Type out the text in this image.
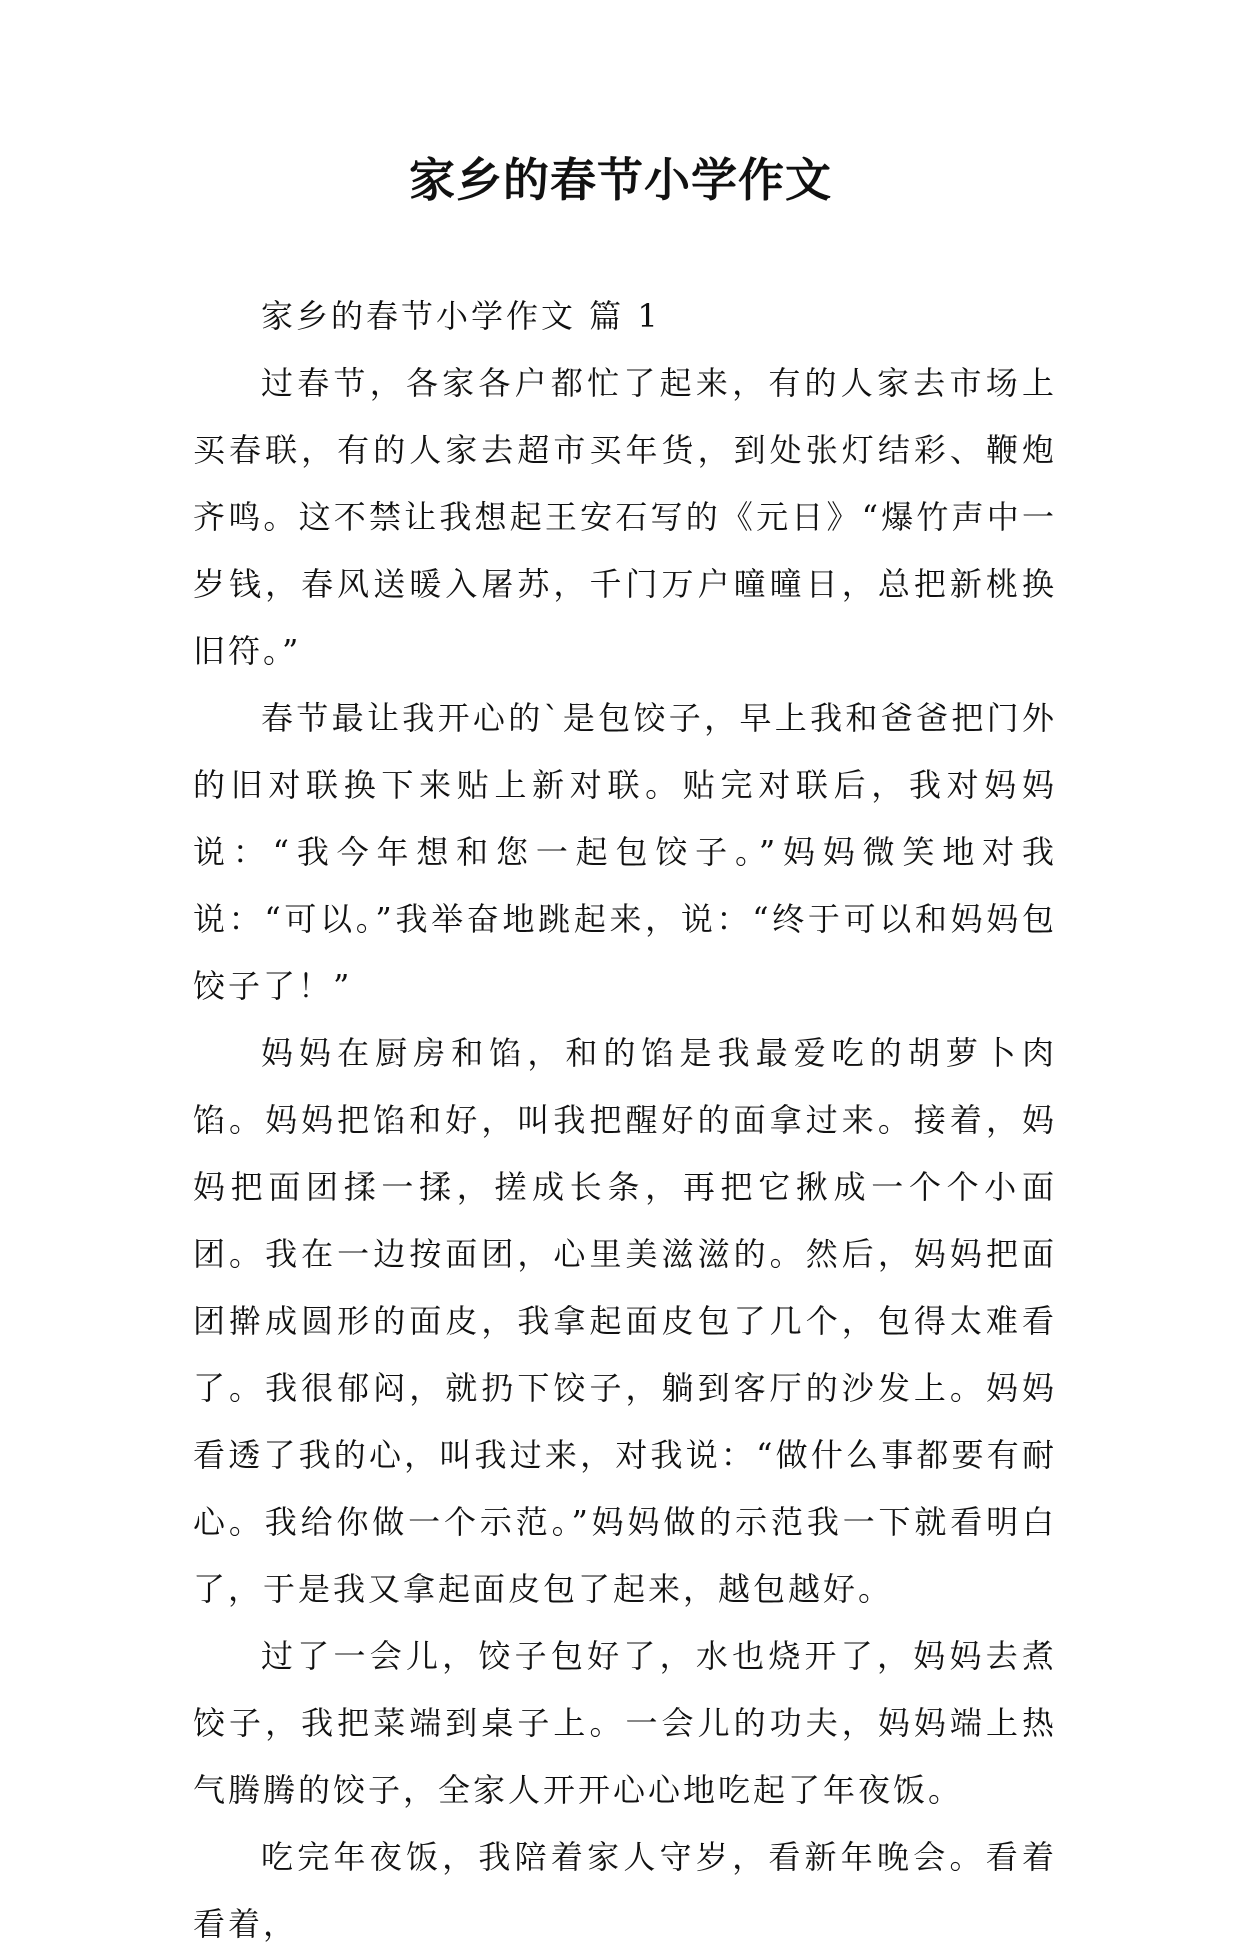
家乡的春节小学作文

家乡的春节小学作文 篇 1

过春节，各家各户都忙了起来，有的人家去市场上买春联，有的人家去超市买年货，到处张灯结彩、鞭炮齐鸣。这不禁让我想起王安石写的《元日》“爆竹声中一岁钱，春风送暖入屠苏，千门万户曈曈日，总把新桃换旧符。”

春节最让我开心的`是包饺子，早上我和爸爸把门外的旧对联换下来贴上新对联。贴完对联后，我对妈妈说：“我今年想和您一起包饺子。”妈妈微笑地对我说：“可以。”我举奋地跳起来，说：“终于可以和妈妈包饺子了！”

妈妈在厨房和馅，和的馅是我最爱吃的胡萝卜肉馅。妈妈把馅和好，叫我把醒好的面拿过来。接着，妈妈把面团揉一揉，搓成长条，再把它揪成一个个小面团。我在一边按面团，心里美滋滋的。然后，妈妈把面团擀成圆形的面皮，我拿起面皮包了几个，包得太难看了。我很郁闷，就扔下饺子，躺到客厅的沙发上。妈妈看透了我的心，叫我过来，对我说：“做什么事都要有耐心。我给你做一个示范。”妈妈做的示范我一下就看明白了，于是我又拿起面皮包了起来，越包越好。

过了一会儿，饺子包好了，水也烧开了，妈妈去煮饺子，我把菜端到桌子上。一会儿的功夫，妈妈端上热气腾腾的饺子，全家人开开心心地吃起了年夜饭。

吃完年夜饭，我陪着家人守岁，看新年晚会。看着看着，
